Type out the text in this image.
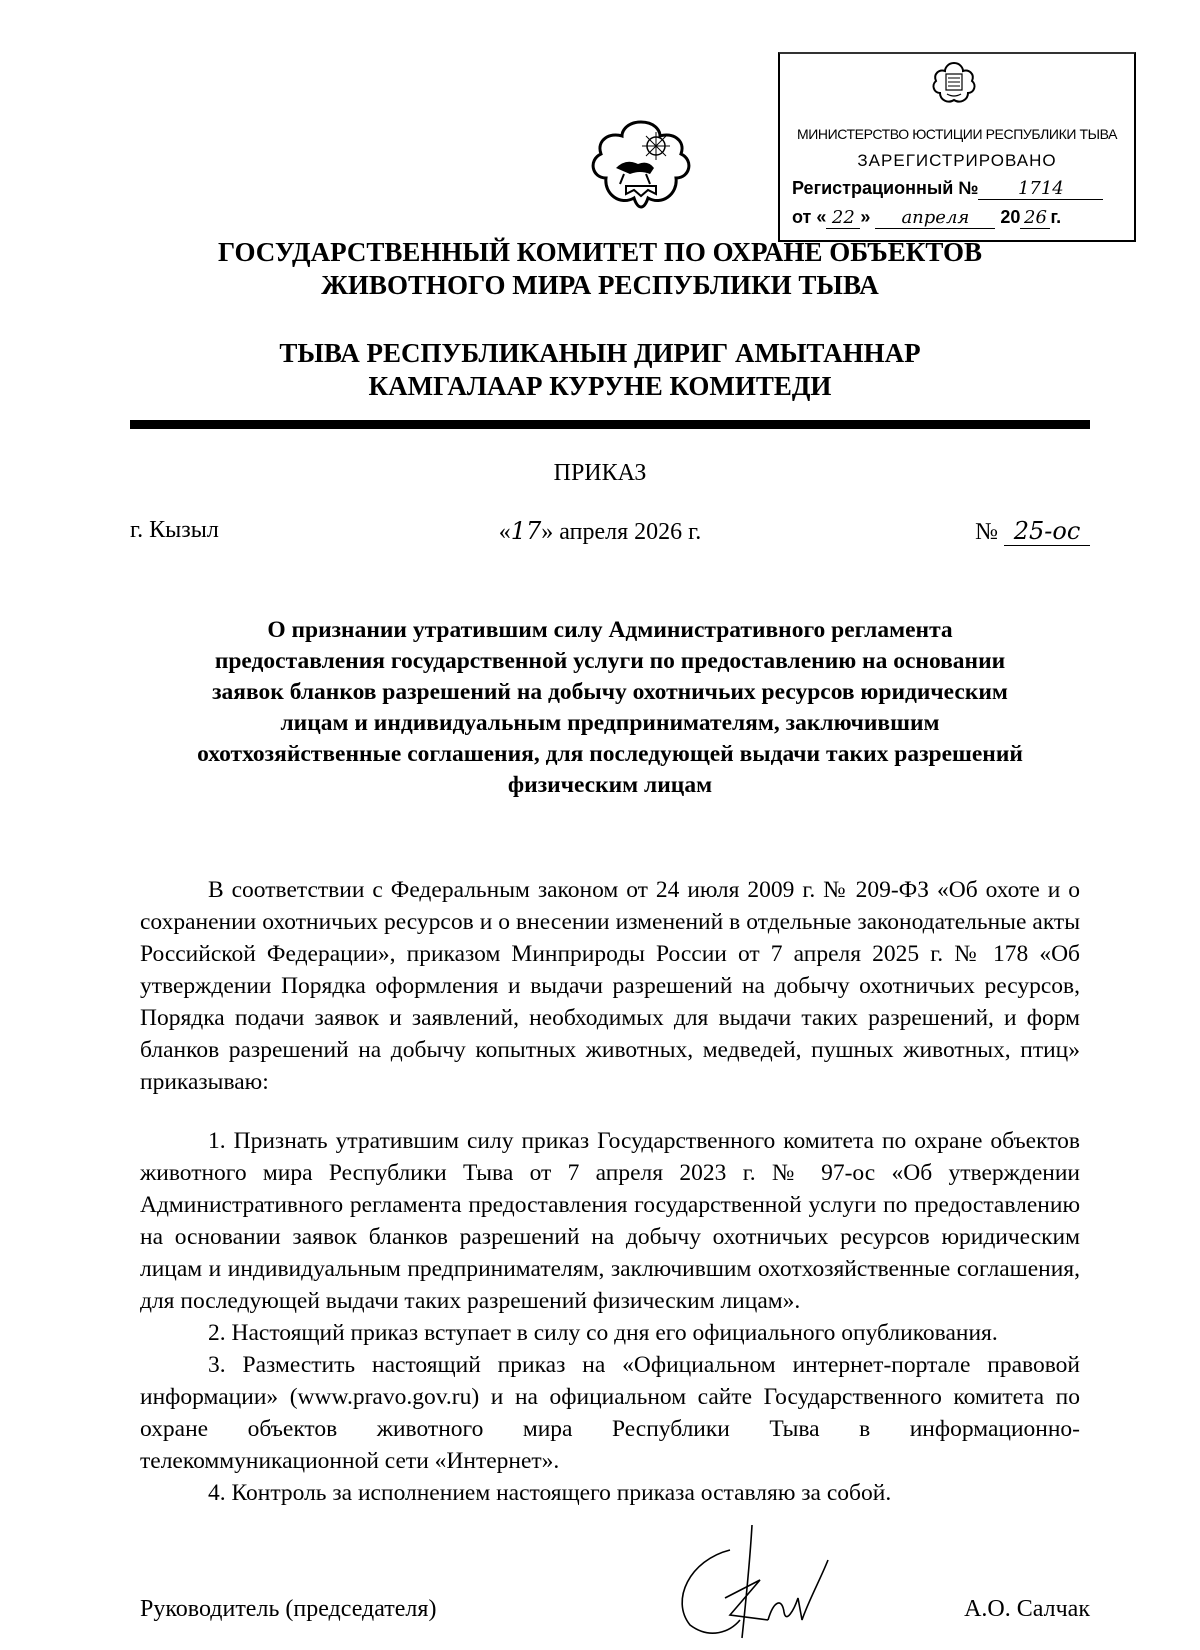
МИНИСТЕРСТВО ЮСТИЦИИ РЕСПУБЛИКИ ТЫВА
ЗАРЕГИСТРИРОВАНО
Регистрационный № 1714
от « 22 » апреля 20 26 г.
ГОСУДАРСТВЕННЫЙ КОМИТЕТ ПО ОХРАНЕ ОБЪЕКТОВ
ЖИВОТНОГО МИРА РЕСПУБЛИКИ ТЫВА
ТЫВА РЕСПУБЛИКАНЫН ДИРИГ АМЫТАННАР
КАМГАЛААР КУРУНЕ КОМИТЕДИ
ПРИКАЗ
г. Кызыл	«17» апреля 2026 г.	№ 25-ос
О признании утратившим силу Административного регламента
предоставления государственной услуги по предоставлению на основании
заявок бланков разрешений на добычу охотничьих ресурсов юридическим
лицам и индивидуальным предпринимателям, заключившим
охотхозяйственные соглашения, для последующей выдачи таких разрешений
физическим лицам

В соответствии с Федеральным законом от 24 июля 2009 г. № 209-ФЗ «Об охоте и о сохранении охотничьих ресурсов и о внесении изменений в отдельные законодательные акты Российской Федерации», приказом Минприроды России от 7 апреля 2025 г. № 178 «Об утверждении Порядка оформления и выдачи разрешений на добычу охотничьих ресурсов, Порядка подачи заявок и заявлений, необходимых для выдачи таких разрешений, и форм бланков разрешений на добычу копытных животных, медведей, пушных животных, птиц» приказываю:

1. Признать утратившим силу приказ Государственного комитета по охране объектов животного мира Республики Тыва от 7 апреля 2023 г. № 97-ос «Об утверждении Административного регламента предоставления государственной услуги по предоставлению на основании заявок бланков разрешений на добычу охотничьих ресурсов юридическим лицам и индивидуальным предпринимателям, заключившим охотхозяйственные соглашения, для последующей выдачи таких разрешений физическим лицам».

2. Настоящий приказ вступает в силу со дня его официального опубликования.

3. Разместить настоящий приказ на «Официальном интернет-портале правовой информации» (www.pravo.gov.ru) и на официальном сайте Государственного комитета по охране объектов животного мира Республики Тыва в информационно-телекоммуникационной сети «Интернет».

4. Контроль за исполнением настоящего приказа оставляю за собой.

Руководитель (председателя)	А.О. Салчак
